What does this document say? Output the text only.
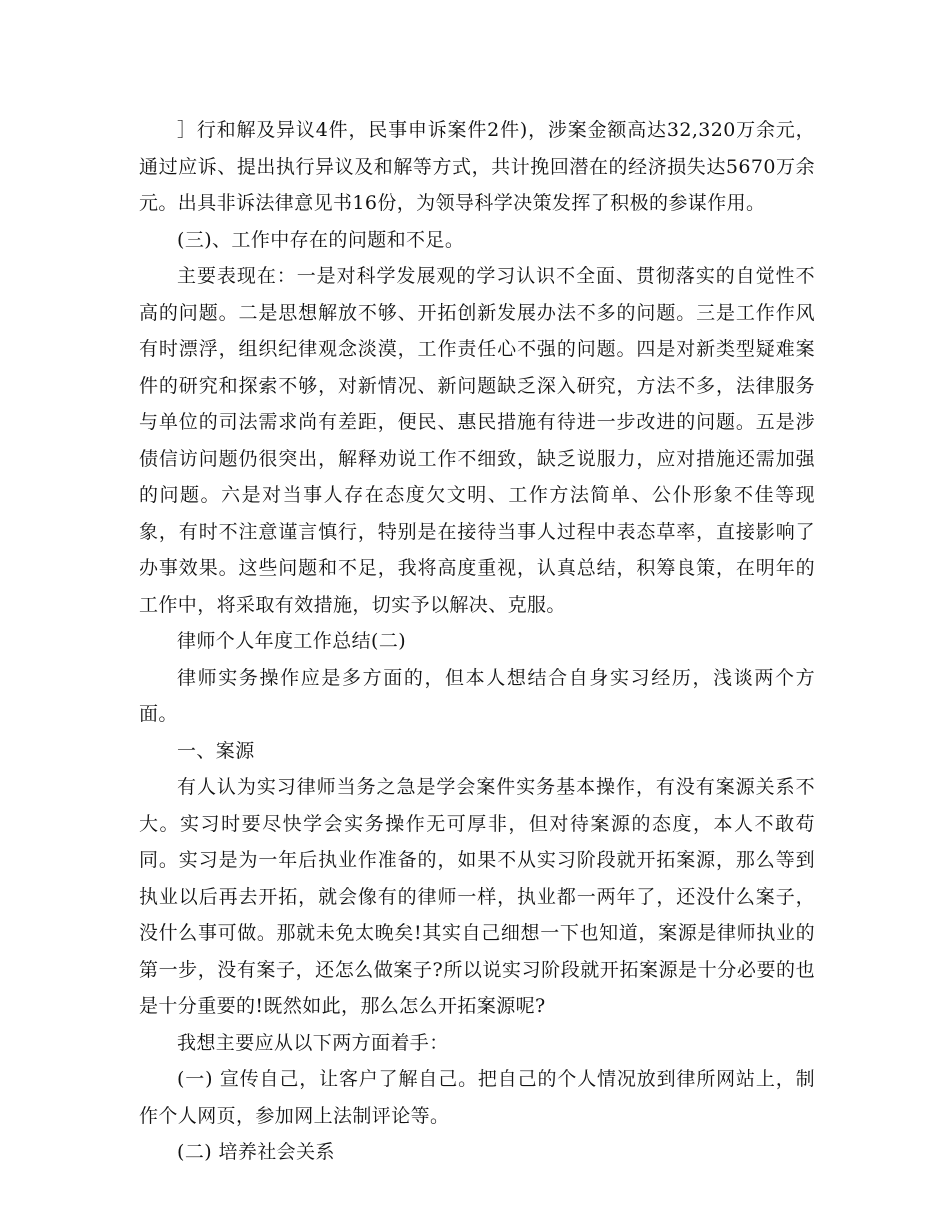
］行和解及异议4件，民事申诉案件2件)，涉案金额高达32,320万余元，通过应诉、提出执行异议及和解等方式，共计挽回潜在的经济损失达5670万余元。出具非诉法律意见书16份，为领导科学决策发挥了积极的参谋作用。

(三)、工作中存在的问题和不足。

主要表现在：一是对科学发展观的学习认识不全面、贯彻落实的自觉性不高的问题。二是思想解放不够、开拓创新发展办法不多的问题。三是工作作风有时漂浮，组织纪律观念淡漠，工作责任心不强的问题。四是对新类型疑难案件的研究和探索不够，对新情况、新问题缺乏深入研究，方法不多，法律服务与单位的司法需求尚有差距，便民、惠民措施有待进一步改进的问题。五是涉债信访问题仍很突出，解释劝说工作不细致，缺乏说服力，应对措施还需加强的问题。六是对当事人存在态度欠文明、工作方法简单、公仆形象不佳等现象，有时不注意谨言慎行，特别是在接待当事人过程中表态草率，直接影响了办事效果。这些问题和不足，我将高度重视，认真总结，积筹良策，在明年的工作中，将采取有效措施，切实予以解决、克服。

律师个人年度工作总结(二)

律师实务操作应是多方面的，但本人想结合自身实习经历，浅谈两个方面。

一、案源

有人认为实习律师当务之急是学会案件实务基本操作，有没有案源关系不大。实习时要尽快学会实务操作无可厚非，但对待案源的态度，本人不敢苟同。实习是为一年后执业作准备的，如果不从实习阶段就开拓案源，那么等到执业以后再去开拓，就会像有的律师一样，执业都一两年了，还没什么案子，没什么事可做。那就未免太晚矣!其实自己细想一下也知道，案源是律师执业的第一步，没有案子，还怎么做案子?所以说实习阶段就开拓案源是十分必要的也是十分重要的!既然如此，那么怎么开拓案源呢?

我想主要应从以下两方面着手：

(一) 宣传自己，让客户了解自己。把自己的个人情况放到律所网站上，制作个人网页，参加网上法制评论等。

(二) 培养社会关系
